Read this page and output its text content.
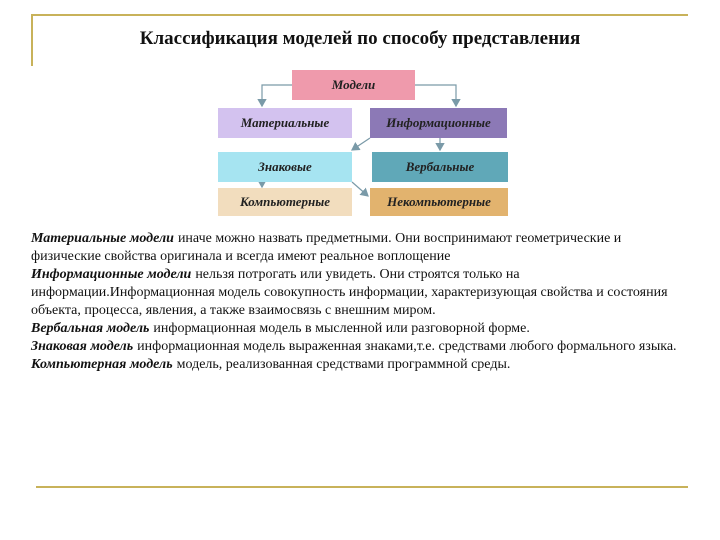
Классификация моделей по способу представления
Модели
Материальные	Информационные
Знаковые	Вербальные
Компьютерные	Некомпьютерные

Материальные модели иначе можно назвать предметными. Они воспринимают геометрические и физические свойства оригинала и всегда имеют реальное воплощение

Информационные модели нельзя потрогать или увидеть. Они строятся только на информации.Информационная модель совокупность информации, характеризующая свойства и состояния объекта, процесса, явления, а также взаимосвязь с внешним миром.

Вербальная модель информационная модель в мысленной или разговорной форме.

Знаковая модель информационная модель выраженная знаками,т.е. средствами любого формального языка.

Компьютерная модель модель, реализованная средствами программной среды.
